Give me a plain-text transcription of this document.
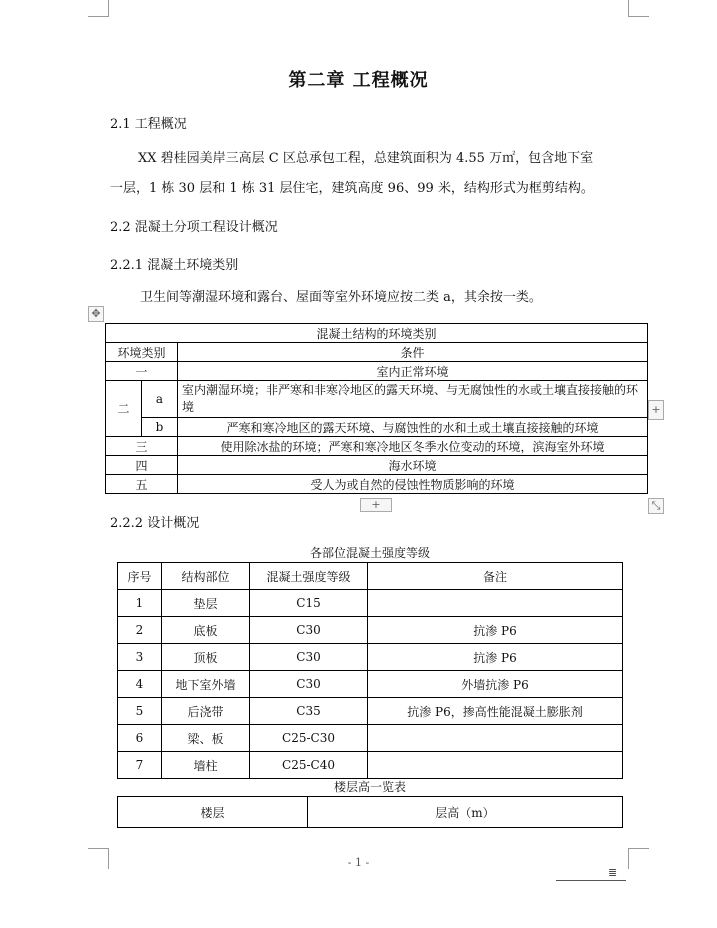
第二章 工程概况
2.1 工程概况
XX 碧桂园美岸三高层 C 区总承包工程，总建筑面积为 4.55 万㎡，包含地下室
一层，1 栋 30 层和 1 栋 31 层住宅，建筑高度 96、99 米，结构形式为框剪结构。
2.2 混凝土分项工程设计概况
2.2.1 混凝土环境类别
卫生间等潮湿环境和露台、屋面等室外环境应按二类 a，其余按一类。
✥
混凝土结构的环境类别		
环境类别		条件
一		室内正常环境
二	a	室内潮湿环境；非严寒和非寒冷地区的露天环境、与无腐蚀性的水或土壤直接接触的环境
	b	严寒和寒冷地区的露天环境、与腐蚀性的水和土或土壤直接接触的环境
三		使用除冰盐的环境；严寒和寒冷地区冬季水位变动的环境，滨海室外环境
四		海水环境
五		受人为或自然的侵蚀性物质影响的环境
+
+	⤡
2.2.2 设计概况
各部位混凝土强度等级
序号	结构部位	混凝土强度等级	备注
1	垫层	C15	
2	底板	C30	抗渗 P6
3	顶板	C30	抗渗 P6
4	地下室外墙	C30	外墙抗渗 P6
5	后浇带	C35	抗渗 P6，掺高性能混凝土膨胀剂
6	梁、板	C25-C30	
7	墙柱	C25-C40	
楼层高一览表
楼层	层高（m）
- 1 -
≣
